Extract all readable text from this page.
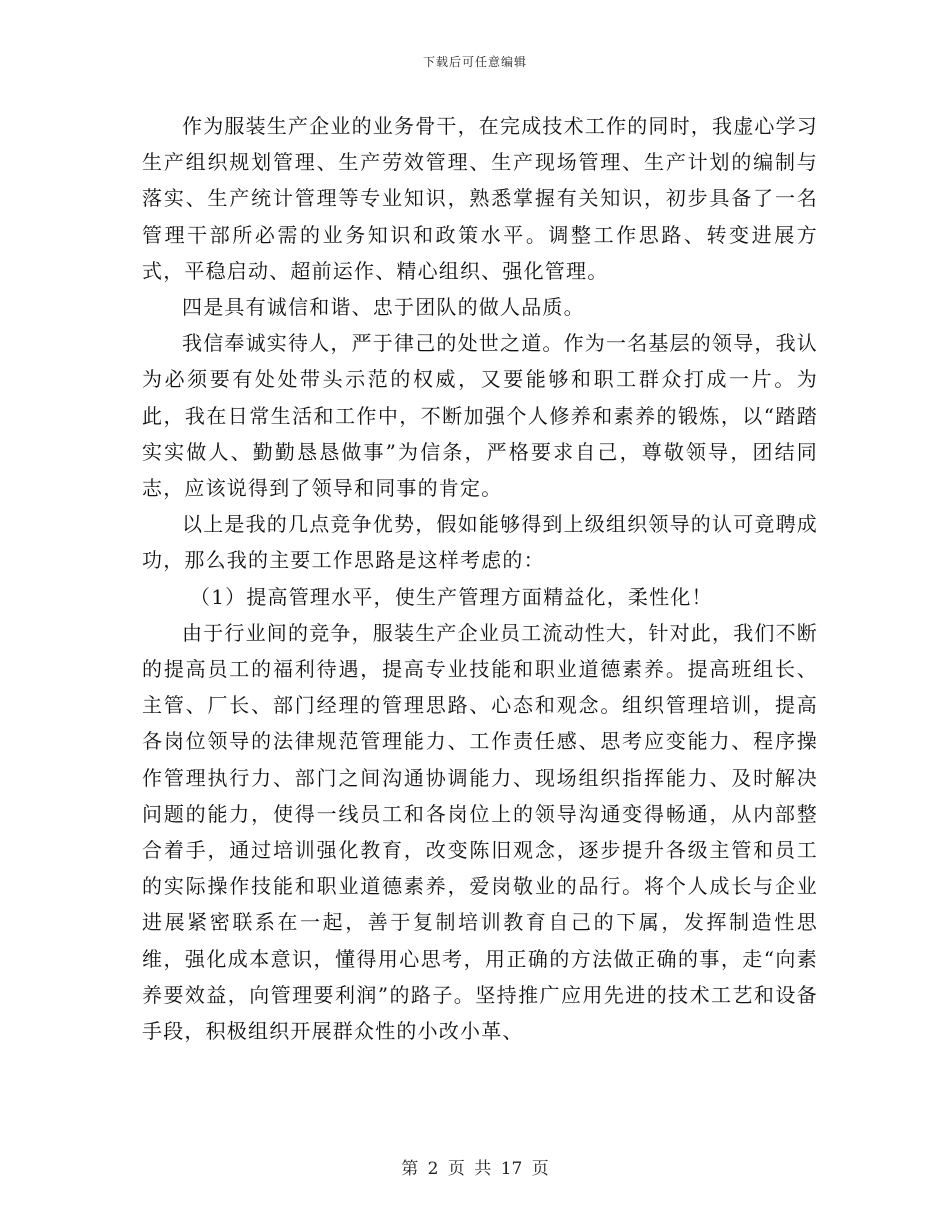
下载后可任意编辑

作为服装生产企业的业务骨干，在完成技术工作的同时，我虚心学习生产组织规划管理、生产劳效管理、生产现场管理、生产计划的编制与落实、生产统计管理等专业知识，熟悉掌握有关知识，初步具备了一名管理干部所必需的业务知识和政策水平。调整工作思路、转变进展方式，平稳启动、超前运作、精心组织、强化管理。

四是具有诚信和谐、忠于团队的做人品质。

我信奉诚实待人，严于律己的处世之道。作为一名基层的领导，我认为必须要有处处带头示范的权威，又要能够和职工群众打成一片。为此，我在日常生活和工作中，不断加强个人修养和素养的锻炼，以“踏踏实实做人、勤勤恳恳做事”为信条，严格要求自己，尊敬领导，团结同志，应该说得到了领导和同事的肯定。

以上是我的几点竞争优势，假如能够得到上级组织领导的认可竟聘成功，那么我的主要工作思路是这样考虑的：

（1）提高管理水平，使生产管理方面精益化，柔性化！

由于行业间的竞争，服装生产企业员工流动性大，针对此，我们不断的提高员工的福利待遇，提高专业技能和职业道德素养。提高班组长、主管、厂长、部门经理的管理思路、心态和观念。组织管理培训，提高各岗位领导的法律规范管理能力、工作责任感、思考应变能力、程序操作管理执行力、部门之间沟通协调能力、现场组织指挥能力、及时解决问题的能力，使得一线员工和各岗位上的领导沟通变得畅通，从内部整合着手，通过培训强化教育，改变陈旧观念，逐步提升各级主管和员工的实际操作技能和职业道德素养，爱岗敬业的品行。将个人成长与企业进展紧密联系在一起，善于复制培训教育自己的下属，发挥制造性思维，强化成本意识，懂得用心思考，用正确的方法做正确的事，走“向素养要效益，向管理要利润”的路子。坚持推广应用先进的技术工艺和设备手段，积极组织开展群众性的小改小革、

第 2 页 共 17 页
